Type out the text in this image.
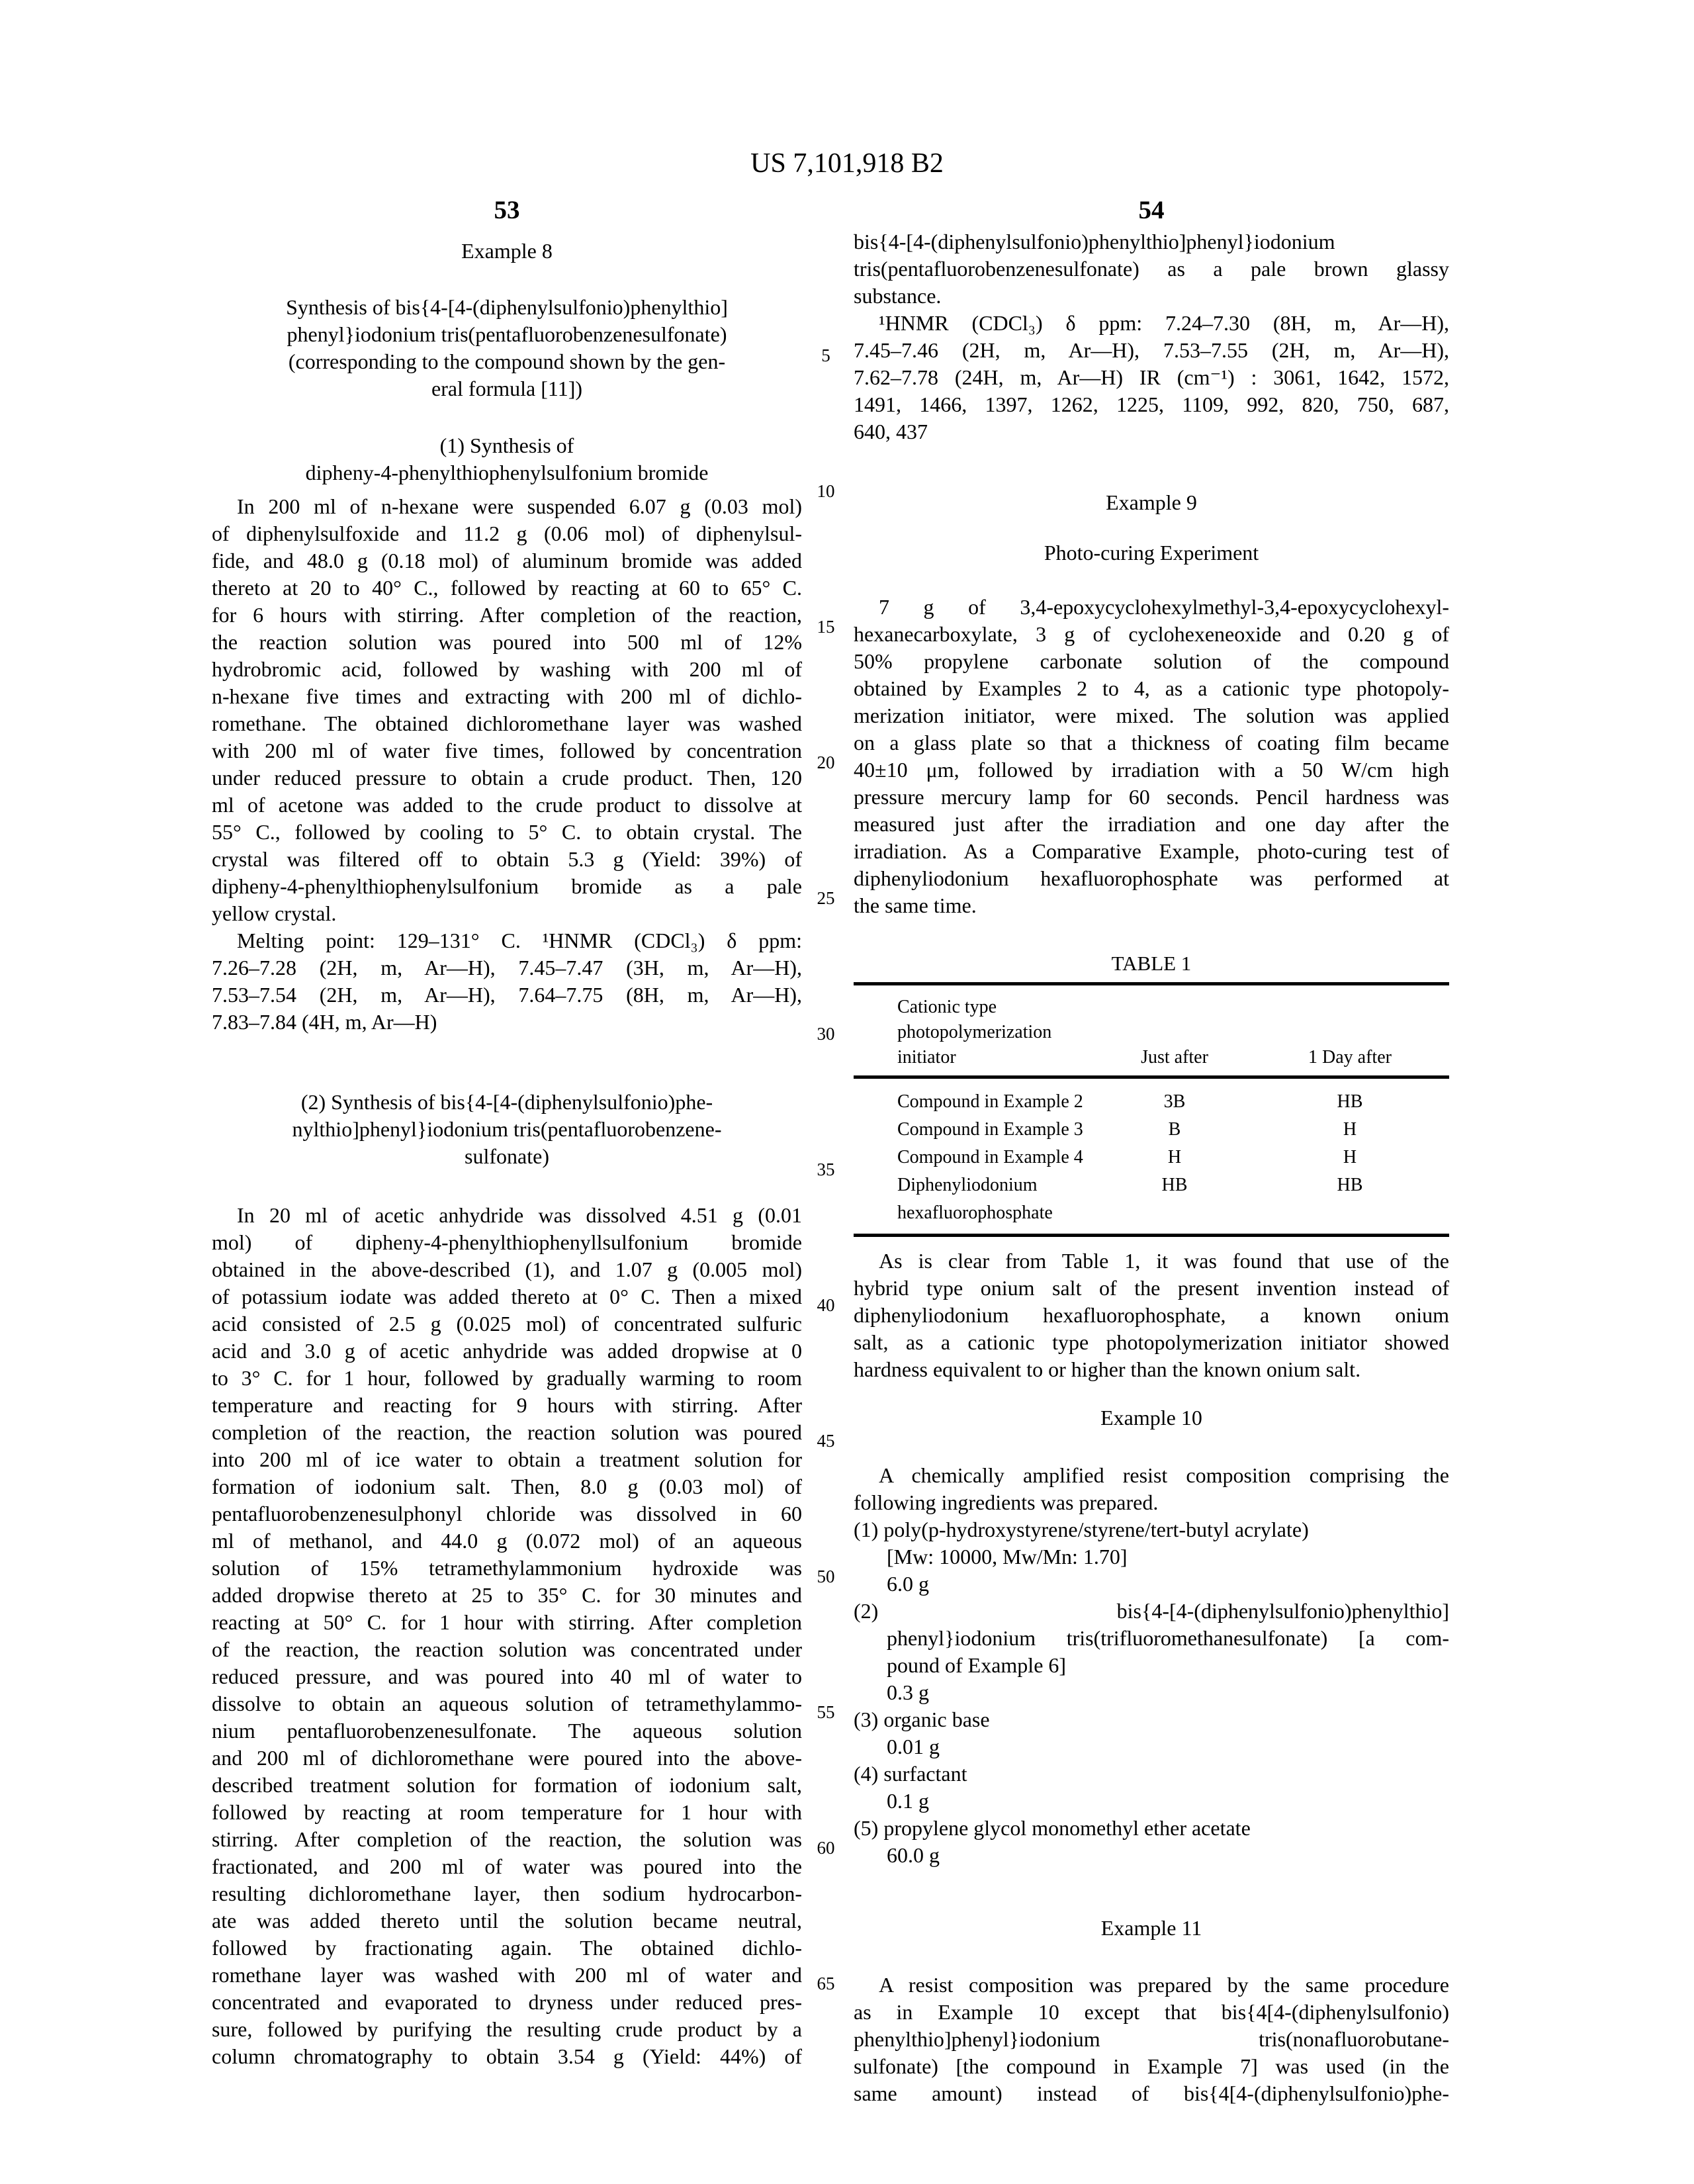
US 7,101,918 B2
53	54
5
10
15
20
25
30
35
40
45
50
55
60
65
Example 8
Synthesis of bis{4-[4-(diphenylsulfonio)phenylthio]
phenyl}iodonium tris(pentafluorobenzenesulfonate)
(corresponding to the compound shown by the gen-
eral formula [11])
(1) Synthesis of
dipheny-4-phenylthiophenylsulfonium bromide
In 200 ml of n-hexane were suspended 6.07 g (0.03 mol)
of diphenylsulfoxide and 11.2 g (0.06 mol) of diphenylsul-
fide, and 48.0 g (0.18 mol) of aluminum bromide was added
thereto at 20 to 40° C., followed by reacting at 60 to 65° C.
for 6 hours with stirring. After completion of the reaction,
the reaction solution was poured into 500 ml of 12%
hydrobromic acid, followed by washing with 200 ml of
n-hexane five times and extracting with 200 ml of dichlo-
romethane. The obtained dichloromethane layer was washed
with 200 ml of water five times, followed by concentration
under reduced pressure to obtain a crude product. Then, 120
ml of acetone was added to the crude product to dissolve at
55° C., followed by cooling to 5° C. to obtain crystal. The
crystal was filtered off to obtain 5.3 g (Yield: 39%) of
dipheny-4-phenylthiophenylsulfonium bromide as a pale
yellow crystal.
Melting point: 129–131° C. ¹HNMR (CDCl₃) δ ppm:
7.26–7.28 (2H, m, Ar—H), 7.45–7.47 (3H, m, Ar—H),
7.53–7.54 (2H, m, Ar—H), 7.64–7.75 (8H, m, Ar—H),
7.83–7.84 (4H, m, Ar—H)
(2) Synthesis of bis{4-[4-(diphenylsulfonio)phe-
nylthio]phenyl}iodonium tris(pentafluorobenzene-
sulfonate)
In 20 ml of acetic anhydride was dissolved 4.51 g (0.01
mol) of dipheny-4-phenylthiophenyllsulfonium bromide
obtained in the above-described (1), and 1.07 g (0.005 mol)
of potassium iodate was added thereto at 0° C. Then a mixed
acid consisted of 2.5 g (0.025 mol) of concentrated sulfuric
acid and 3.0 g of acetic anhydride was added dropwise at 0
to 3° C. for 1 hour, followed by gradually warming to room
temperature and reacting for 9 hours with stirring. After
completion of the reaction, the reaction solution was poured
into 200 ml of ice water to obtain a treatment solution for
formation of iodonium salt. Then, 8.0 g (0.03 mol) of
pentafluorobenzenesulphonyl chloride was dissolved in 60
ml of methanol, and 44.0 g (0.072 mol) of an aqueous
solution of 15% tetramethylammonium hydroxide was
added dropwise thereto at 25 to 35° C. for 30 minutes and
reacting at 50° C. for 1 hour with stirring. After completion
of the reaction, the reaction solution was concentrated under
reduced pressure, and was poured into 40 ml of water to
dissolve to obtain an aqueous solution of tetramethylammo-
nium pentafluorobenzenesulfonate. The aqueous solution
and 200 ml of dichloromethane were poured into the above-
described treatment solution for formation of iodonium salt,
followed by reacting at room temperature for 1 hour with
stirring. After completion of the reaction, the solution was
fractionated, and 200 ml of water was poured into the
resulting dichloromethane layer, then sodium hydrocarbon-
ate was added thereto until the solution became neutral,
followed by fractionating again. The obtained dichlo-
romethane layer was washed with 200 ml of water and
concentrated and evaporated to dryness under reduced pres-
sure, followed by purifying the resulting crude product by a
column chromatography to obtain 3.54 g (Yield: 44%) of
bis{4-[4-(diphenylsulfonio)phenylthio]phenyl}iodonium
tris(pentafluorobenzenesulfonate) as a pale brown glassy
substance.
¹HNMR (CDCl₃) δ ppm: 7.24–7.30 (8H, m, Ar—H),
7.45–7.46 (2H, m, Ar—H), 7.53–7.55 (2H, m, Ar—H),
7.62–7.78 (24H, m, Ar—H) IR (cm⁻¹) : 3061, 1642, 1572,
1491, 1466, 1397, 1262, 1225, 1109, 992, 820, 750, 687,
640, 437
Example 9
Photo-curing Experiment
7 g of 3,4-epoxycyclohexylmethyl-3,4-epoxycyclohexyl-
hexanecarboxylate, 3 g of cyclohexeneoxide and 0.20 g of
50% propylene carbonate solution of the compound
obtained by Examples 2 to 4, as a cationic type photopoly-
merization initiator, were mixed. The solution was applied
on a glass plate so that a thickness of coating film became
40±10 μm, followed by irradiation with a 50 W/cm high
pressure mercury lamp for 60 seconds. Pencil hardness was
measured just after the irradiation and one day after the
irradiation. As a Comparative Example, photo-curing test of
diphenyliodonium hexafluorophosphate was performed at
the same time.
TABLE 1
Cationic type
photopolymerization initiator	Just after	1 Day after
Compound in Example 2	3B	HB
Compound in Example 3	B	H
Compound in Example 4	H	H
Diphenyliodonium	HB	HB
hexafluorophosphate
As is clear from Table 1, it was found that use of the
hybrid type onium salt of the present invention instead of
diphenyliodonium hexafluorophosphate, a known onium
salt, as a cationic type photopolymerization initiator showed
hardness equivalent to or higher than the known onium salt.
Example 10
A chemically amplified resist composition comprising the
following ingredients was prepared.
(1) poly(p-hydroxystyrene/styrene/tert-butyl acrylate)
[Mw: 10000, Mw/Mn: 1.70]
6.0 g
(2) bis{4-[4-(diphenylsulfonio)phenylthio]
phenyl}iodonium tris(trifluoromethanesulfonate) [a com-
pound of Example 6]
0.3 g
(3) organic base
0.01 g
(4) surfactant
0.1 g
(5) propylene glycol monomethyl ether acetate
60.0 g
Example 11
A resist composition was prepared by the same procedure
as in Example 10 except that bis{4[4-(diphenylsulfonio)
phenylthio]phenyl}iodonium tris(nonafluorobutane-
sulfonate) [the compound in Example 7] was used (in the
same amount) instead of bis{4[4-(diphenylsulfonio)phe-
